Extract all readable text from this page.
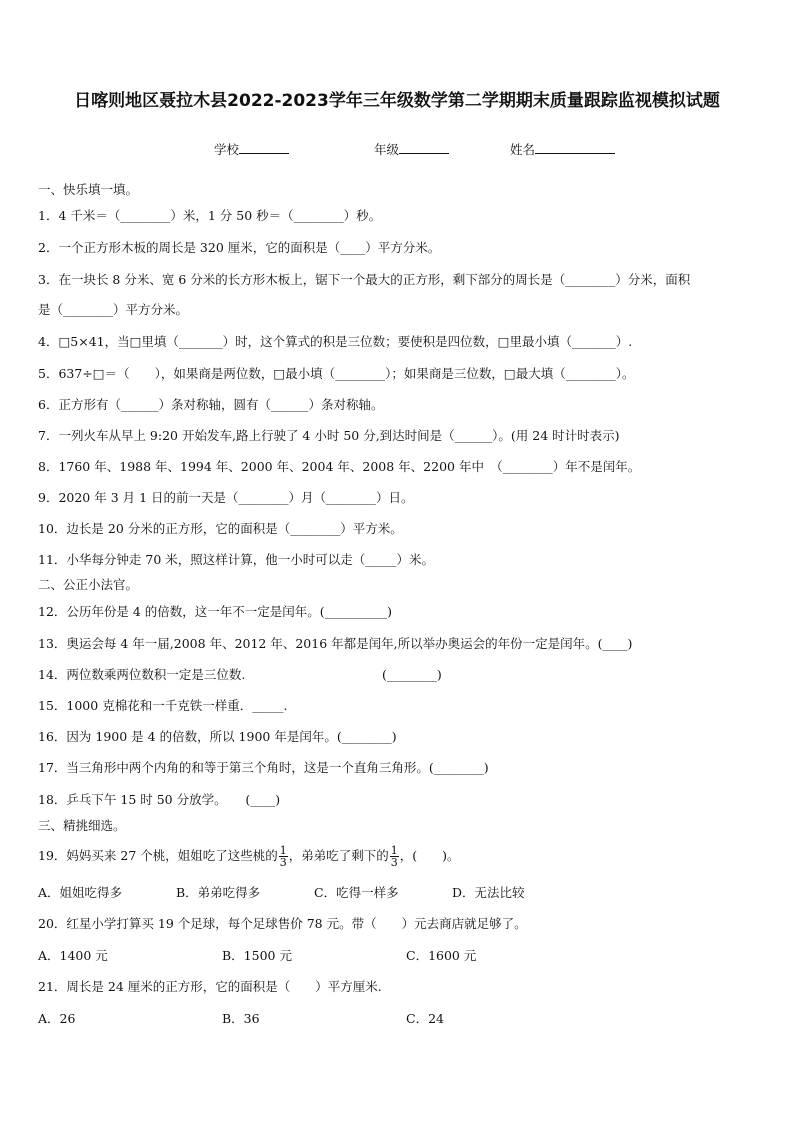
日喀则地区聂拉木县2022-2023学年三年级数学第二学期期末质量跟踪监视模拟试题
学校	年级	姓名
一、快乐填一填。
1．4 千米＝（________）米，1 分 50 秒＝（________）秒。
2．一个正方形木板的周长是 320 厘米，它的面积是（____）平方分米。
3．在一块长 8 分米、宽 6 分米的长方形木板上，锯下一个最大的正方形，剩下部分的周长是（________）分米，面积
是（________）平方分米。
4．□5×41，当□里填（_______）时，这个算式的积是三位数；要使积是四位数，□里最小填（_______）.
5．637÷□＝（　　），如果商是两位数，□最小填（________）；如果商是三位数，□最大填（________）。
6．正方形有（______）条对称轴，圆有（______）条对称轴。
7．一列火车从早上 9:20 开始发车,路上行驶了 4 小时 50 分,到达时间是（______）。(用 24 时计时表示)
8．1760 年、1988 年、1994 年、2000 年、2004 年、2008 年、2200 年中　（________）年不是闰年。
9．2020 年 3 月 1 日的前一天是（________）月（________）日。
10．边长是 20 分米的正方形，它的面积是（________）平方米。
11．小华每分钟走 70 米，照这样计算，他一小时可以走（_____）米。
二、公正小法官。
12．公历年份是 4 的倍数，这一年不一定是闰年。(__________)
13．奥运会每 4 年一届,2008 年、2012 年、2016 年都是闰年,所以举办奥运会的年份一定是闰年。(____)
14．两位数乘两位数积一定是三位数.	(________)
15．1000 克棉花和一千克铁一样重．_____.
16．因为 1900 是 4 的倍数，所以 1900 年是闰年。(________)
17．当三角形中两个内角的和等于第三个角时，这是一个直角三角形。(________)
18．乒乓下午 15 时 50 分放学。　　(____)
三、精挑细选。
19．妈妈买来 27 个桃，姐姐吃了这些桃的 $\frac{1}{3}$ ，弟弟吃了剩下的 $\frac{1}{3}$ ，(　　)。
A．姐姐吃得多	B．弟弟吃得多	C．吃得一样多	D．无法比较
20．红星小学打算买 19 个足球，每个足球售价 78 元。带（　　）元去商店就足够了。
A．1400 元	B．1500 元	C．1600 元
21．周长是 24 厘米的正方形，它的面积是（　　）平方厘米.
A．26	B．36	C．24
